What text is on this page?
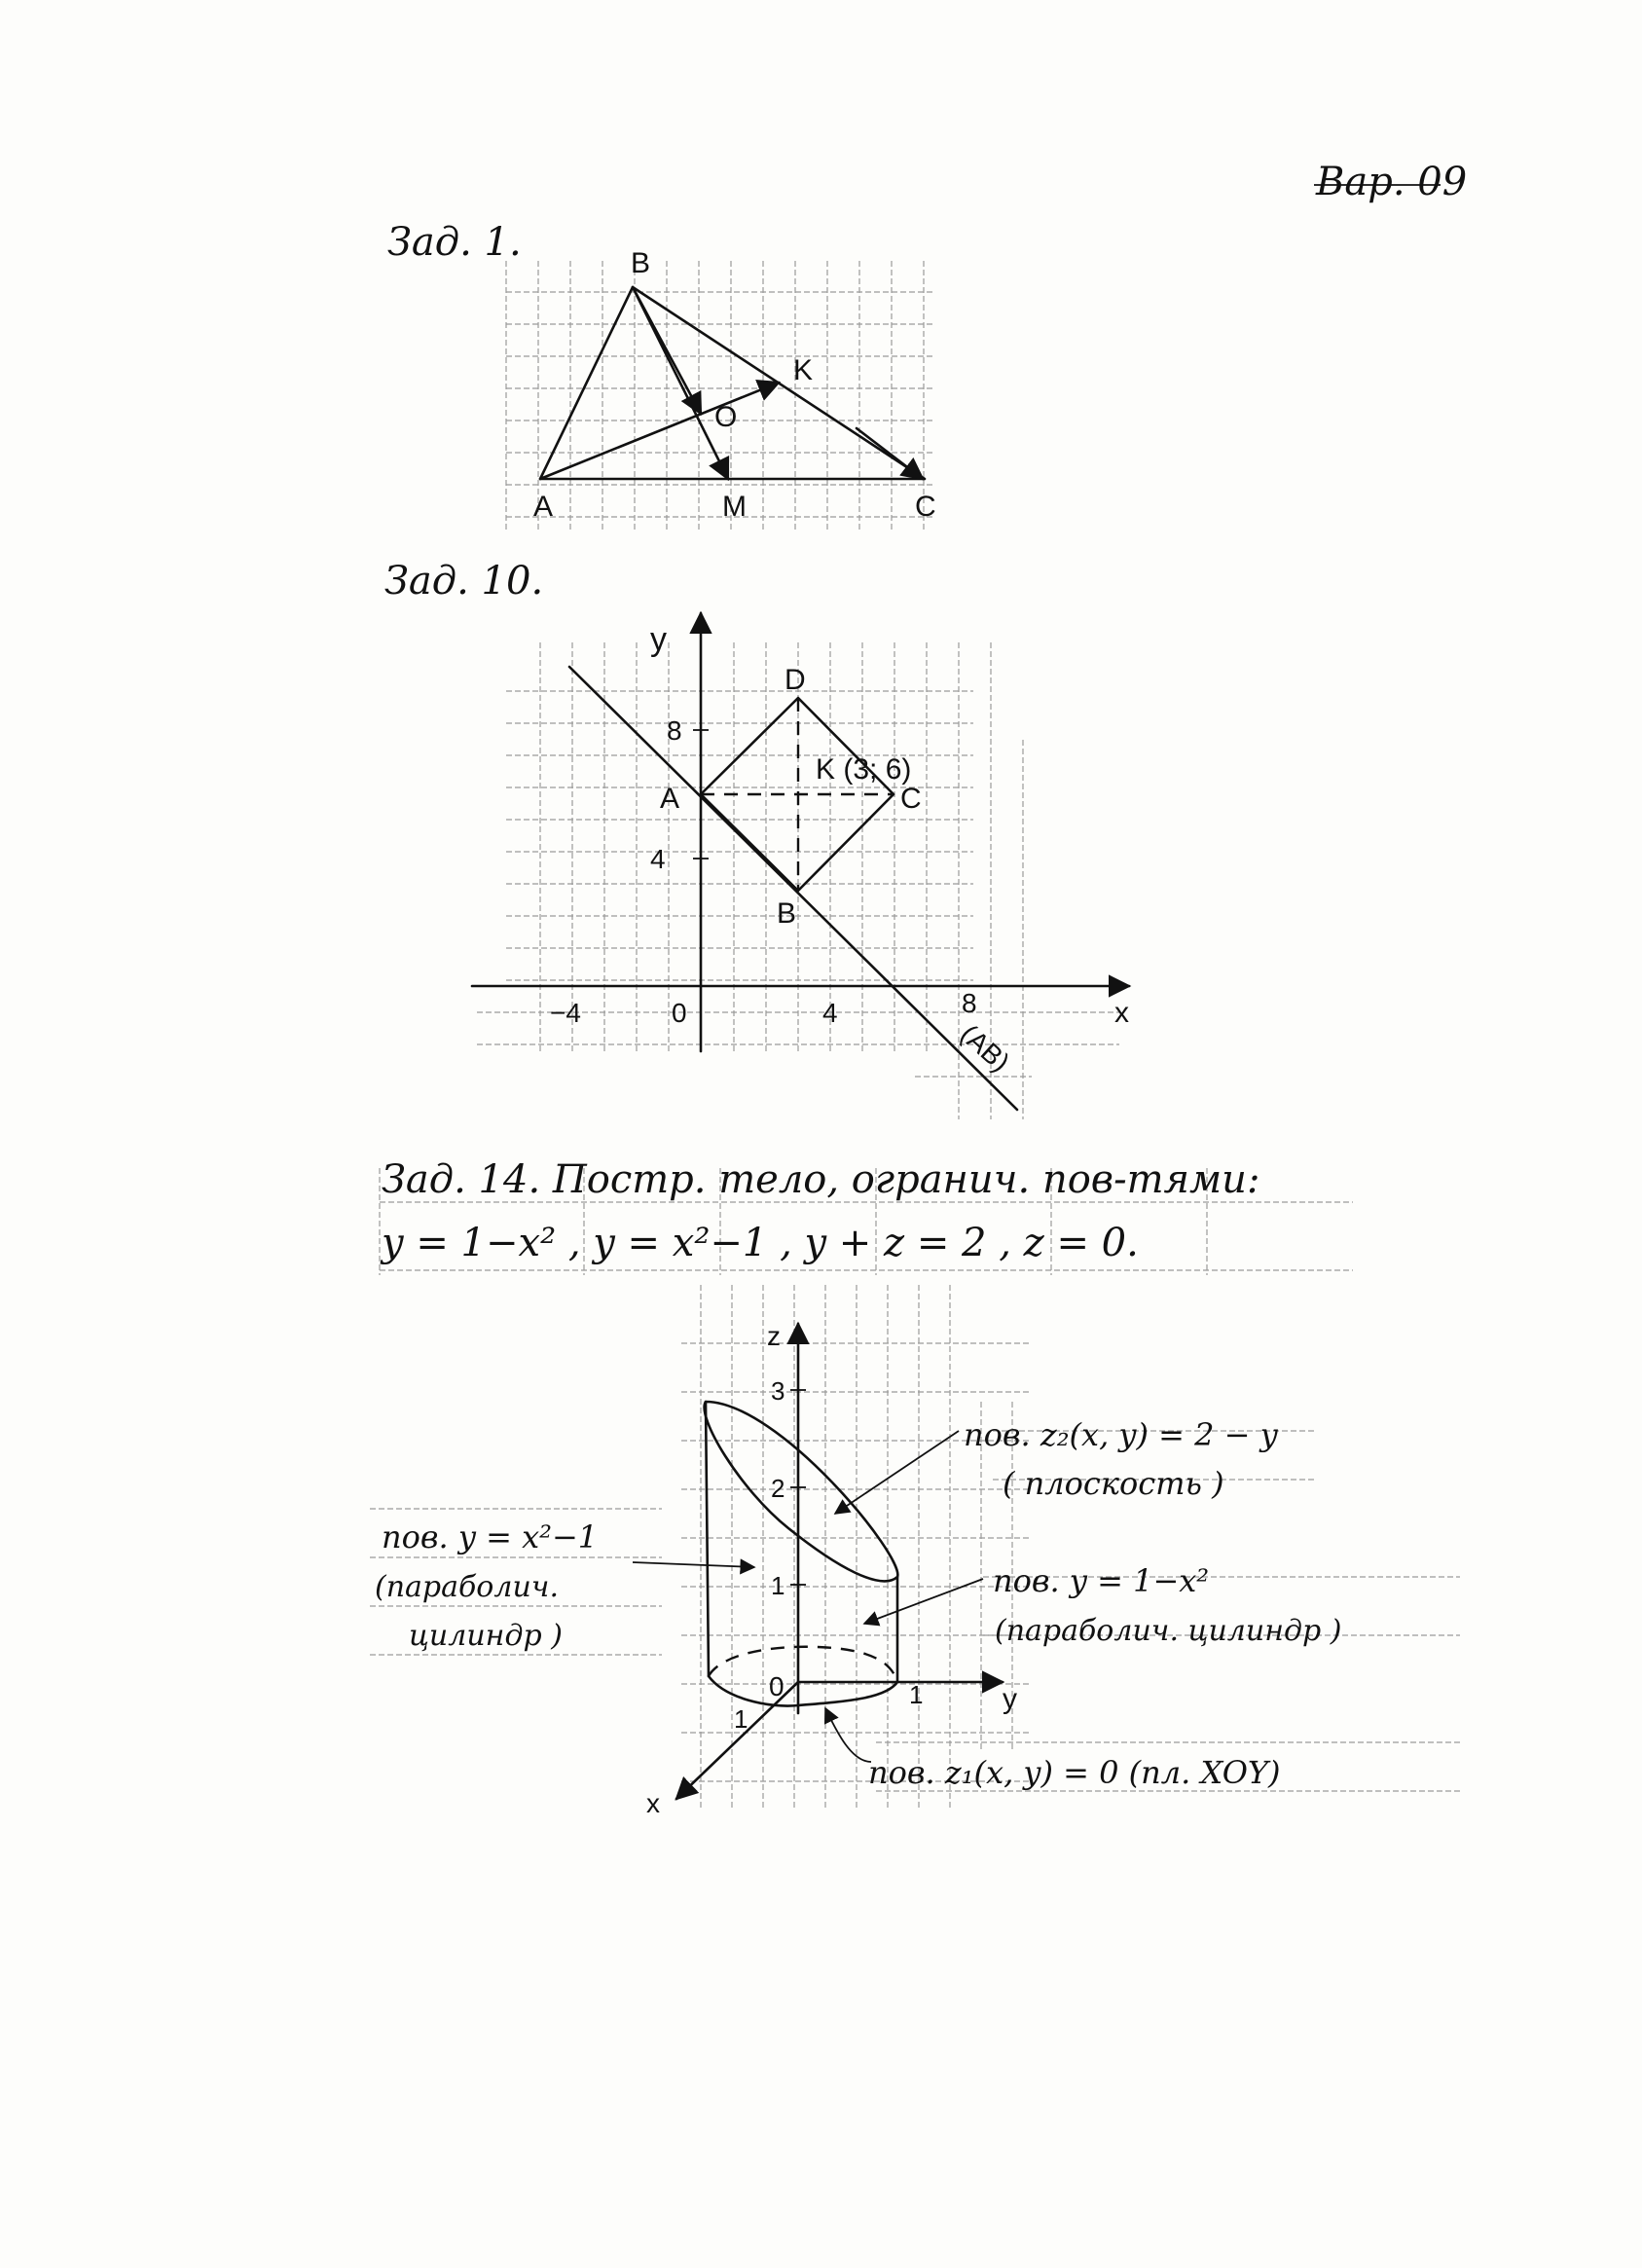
Вар. 09
Зад. 1.	B
A	C
K
M
O
Зад. 10.
y
x
0
−4	4	8
8
4
A
B
C
D
K (3; 6)
(AB)
Зад. 14. Постр. тело, огранич. пов-тями:
y = 1−x² , y = x²−1 , y + z = 2 , z = 0.
z
y
x
3
2
1
0
1
1
пов. z₂(x, y) = 2 − y
( плоскость )
пов. y = x²−1
(параболич.
цилиндр )
пов. y = 1−x²
(параболич. цилиндр )
пов. z₁(x, y) = 0 (пл. XOY)
